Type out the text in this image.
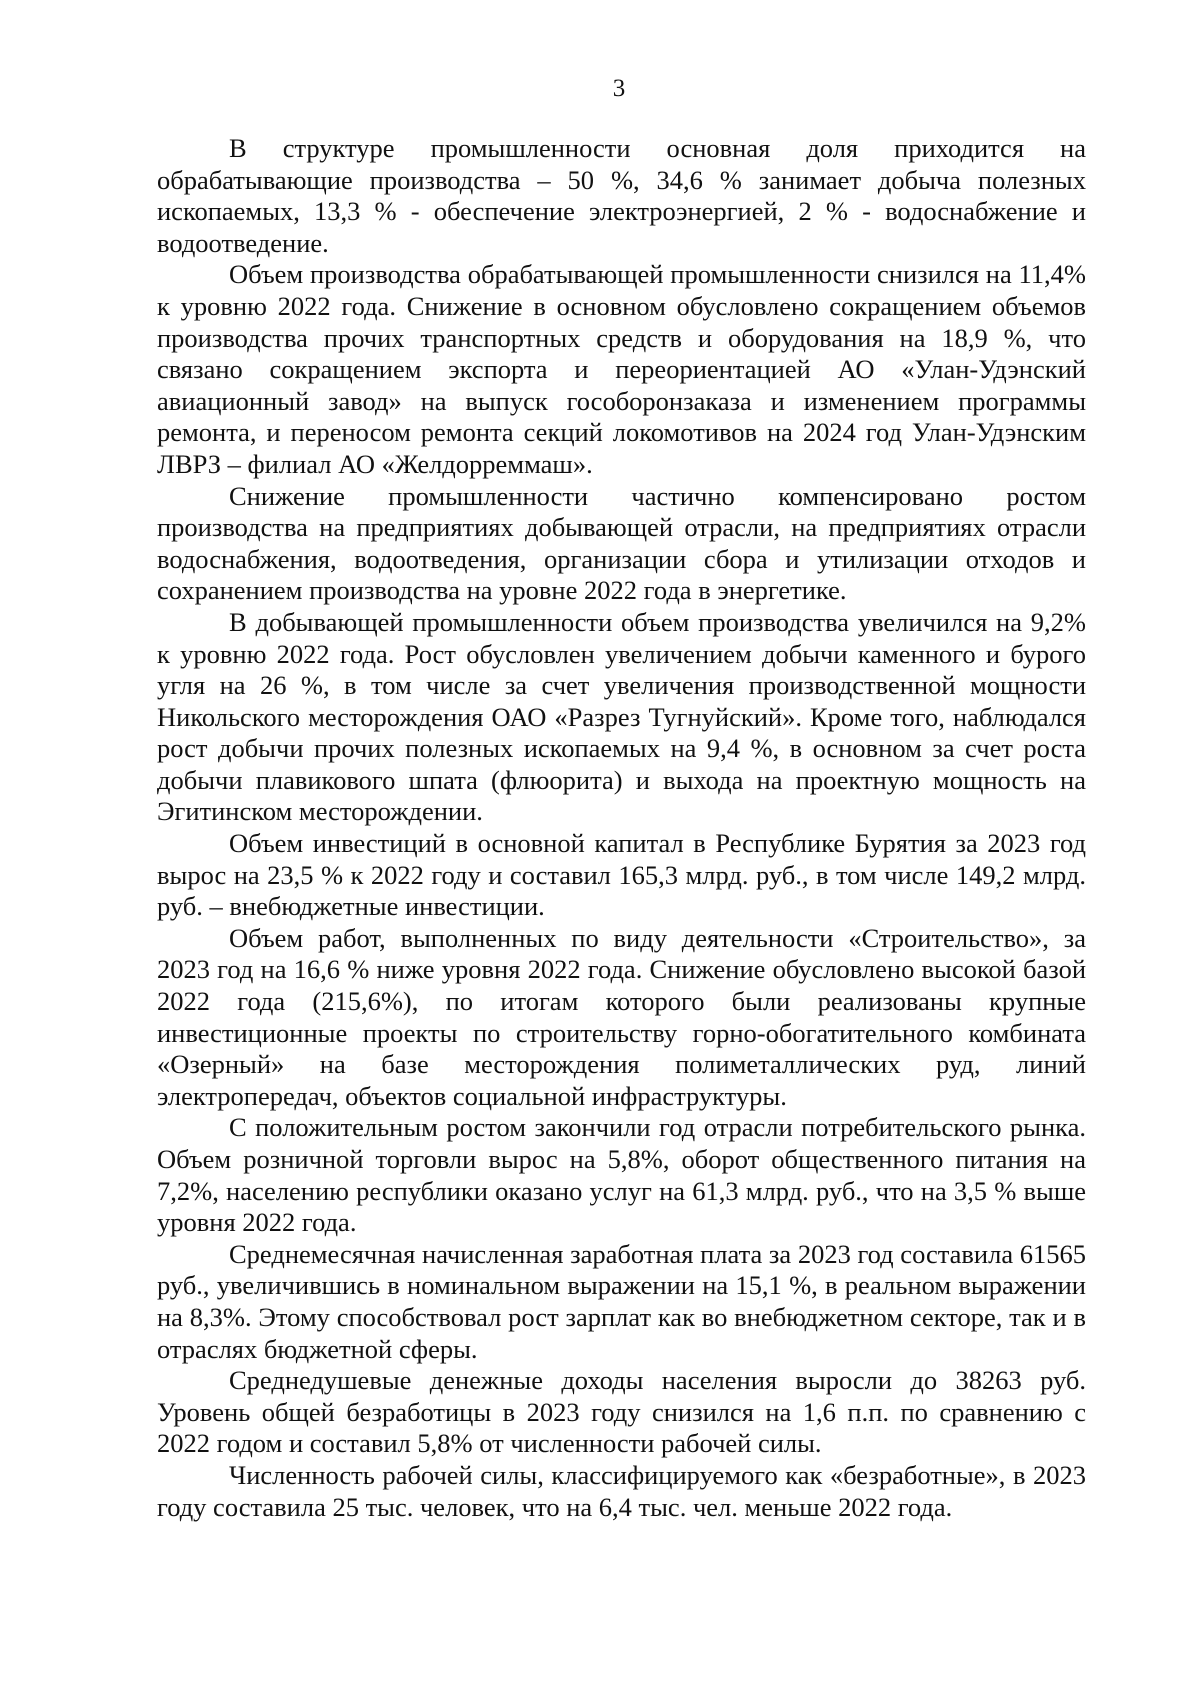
3

В структуре промышленности основная доля приходится на обрабатывающие производства – 50 %, 34,6 % занимает добыча полезных ископаемых, 13,3 % - обеспечение электроэнергией, 2 % - водоснабжение и водоотведение.

Объем производства обрабатывающей промышленности снизился на 11,4% к уровню 2022 года. Снижение в основном обусловлено сокращением объемов производства прочих транспортных средств и оборудования на 18,9 %, что связано сокращением экспорта и переориентацией АО «Улан-Удэнский авиационный завод» на выпуск гособоронзаказа и изменением программы ремонта, и переносом ремонта секций локомотивов на 2024 год Улан-Удэнским ЛВРЗ – филиал АО «Желдорреммаш».

Снижение промышленности частично компенсировано ростом производства на предприятиях добывающей отрасли, на предприятиях отрасли водоснабжения, водоотведения, организации сбора и утилизации отходов и сохранением производства на уровне 2022 года в энергетике.

В добывающей промышленности объем производства увеличился на 9,2% к уровню 2022 года. Рост обусловлен увеличением добычи каменного и бурого угля на 26 %, в том числе за счет увеличения производственной мощности Никольского месторождения ОАО «Разрез Тугнуйский». Кроме того, наблюдался рост добычи прочих полезных ископаемых на 9,4 %, в основном за счет роста добычи плавикового шпата (флюорита) и выхода на проектную мощность на Эгитинском месторождении.

Объем инвестиций в основной капитал в Республике Бурятия за 2023 год вырос на 23,5 % к 2022 году и составил 165,3 млрд. руб., в том числе 149,2 млрд. руб. – внебюджетные инвестиции.

Объем работ, выполненных по виду деятельности «Строительство», за 2023 год на 16,6 % ниже уровня 2022 года. Снижение обусловлено высокой базой 2022 года (215,6%), по итогам которого были реализованы крупные инвестиционные проекты по строительству горно-обогатительного комбината «Озерный» на базе месторождения полиметаллических руд, линий электропередач, объектов социальной инфраструктуры.

С положительным ростом закончили год отрасли потребительского рынка. Объем розничной торговли вырос на 5,8%, оборот общественного питания на 7,2%, населению республики оказано услуг на 61,3 млрд. руб., что на 3,5 % выше уровня 2022 года.

Среднемесячная начисленная заработная плата за 2023 год составила 61565 руб., увеличившись в номинальном выражении на 15,1 %, в реальном выражении на 8,3%. Этому способствовал рост зарплат как во внебюджетном секторе, так и в отраслях бюджетной сферы.

Среднедушевые денежные доходы населения выросли до 38263 руб. Уровень общей безработицы в 2023 году снизился на 1,6 п.п. по сравнению с 2022 годом и составил 5,8% от численности рабочей силы.

Численность рабочей силы, классифицируемого как «безработные», в 2023 году составила 25 тыс. человек, что на 6,4 тыс. чел. меньше 2022 года.
